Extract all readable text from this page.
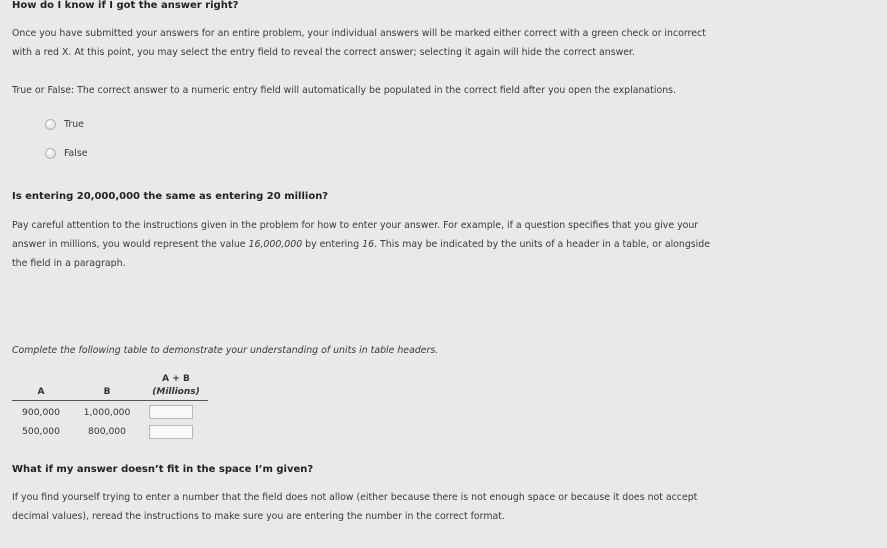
How do I know if I got the answer right?
Once you have submitted your answers for an entire problem, your individual answers will be marked either correct with a green check or incorrect
with a red X. At this point, you may select the entry field to reveal the correct answer; selecting it again will hide the correct answer.
True or False: The correct answer to a numeric entry field will automatically be populated in the correct field after you open the explanations.
True
False
Is entering 20,000,000 the same as entering 20 million?
Pay careful attention to the instructions given in the problem for how to enter your answer. For example, if a question specifies that you give your
answer in millions, you would represent the value 16,000,000 by entering 16. This may be indicated by the units of a header in a table, or alongside
the field in a paragraph.
Complete the following table to demonstrate your understanding of units in table headers.
		A + B
A	B	(Millions)
900,000	1,000,000	

500,000	800,000	
What if my answer doesn’t fit in the space I’m given?
If you find yourself trying to enter a number that the field does not allow (either because there is not enough space or because it does not accept
decimal values), reread the instructions to make sure you are entering the number in the correct format.
